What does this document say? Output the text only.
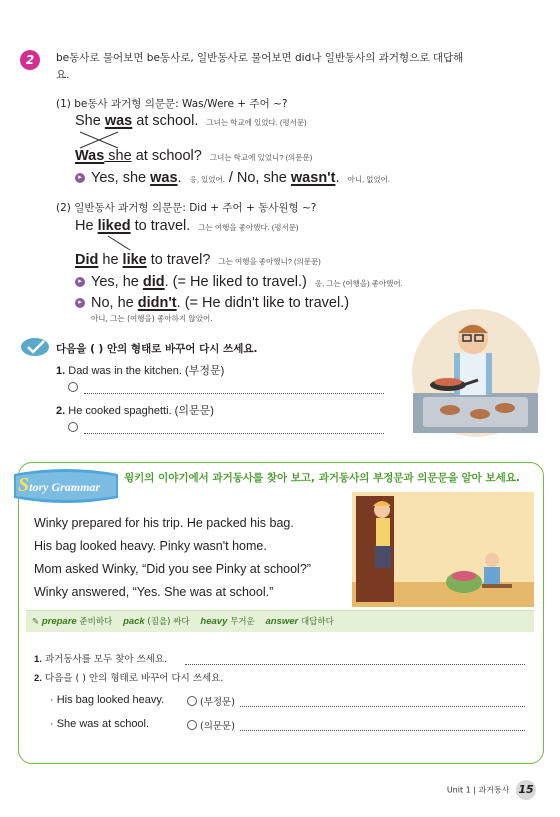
2	be동사로 물어보면 be동사로, 일반동사로 물어보면 did나 일반동사의 과거형으로 대답해요.
(1) be동사 과거형 의문문: Was/Were + 주어 ~?
She was at school. 그녀는 학교에 있었다. (평서문)
Was she at school? 그녀는 학교에 있었니? (의문문)
▸ Yes, she was. 응, 있었어. / No, she wasn't. 아니, 없었어.
(2) 일반동사 과거형 의문문: Did + 주어 + 동사원형 ~?
He liked to travel. 그는 여행을 좋아했다. (평서문)
Did he like to travel? 그는 여행을 좋아했니? (의문문)
▸ Yes, he did. (= He liked to travel.) 응, 그는 (여행을) 좋아했어.
▸ No, he didn't. (= He didn't like to travel.)
아니, 그는 (여행을) 좋아하지 않았어.
다음을 ( ) 안의 형태로 바꾸어 다시 쓰세요.
1. Dad was in the kitchen. (부정문)
2. He cooked spaghetti. (의문문)
Story Grammar
윙키의 이야기에서 과거동사를 찾아 보고, 과거동사의 부정문과 의문문을 알아 보세요.
Winky prepared for his trip. He packed his bag.
His bag looked heavy. Pinky wasn't home.
Mom asked Winky, “Did you see Pinky at school?”
Winky answered, “Yes. She was at school.”
✎ prepare 준비하다 pack (짐을) 싸다 heavy 무거운 answer 대답하다
1. 과거동사를 모두 찾아 쓰세요.
2. 다음을 ( ) 안의 형태로 바꾸어 다시 쓰세요.
· His bag looked heavy.	(부정문)
· She was at school.	(의문문)
Unit 1 | 과거동사 15
